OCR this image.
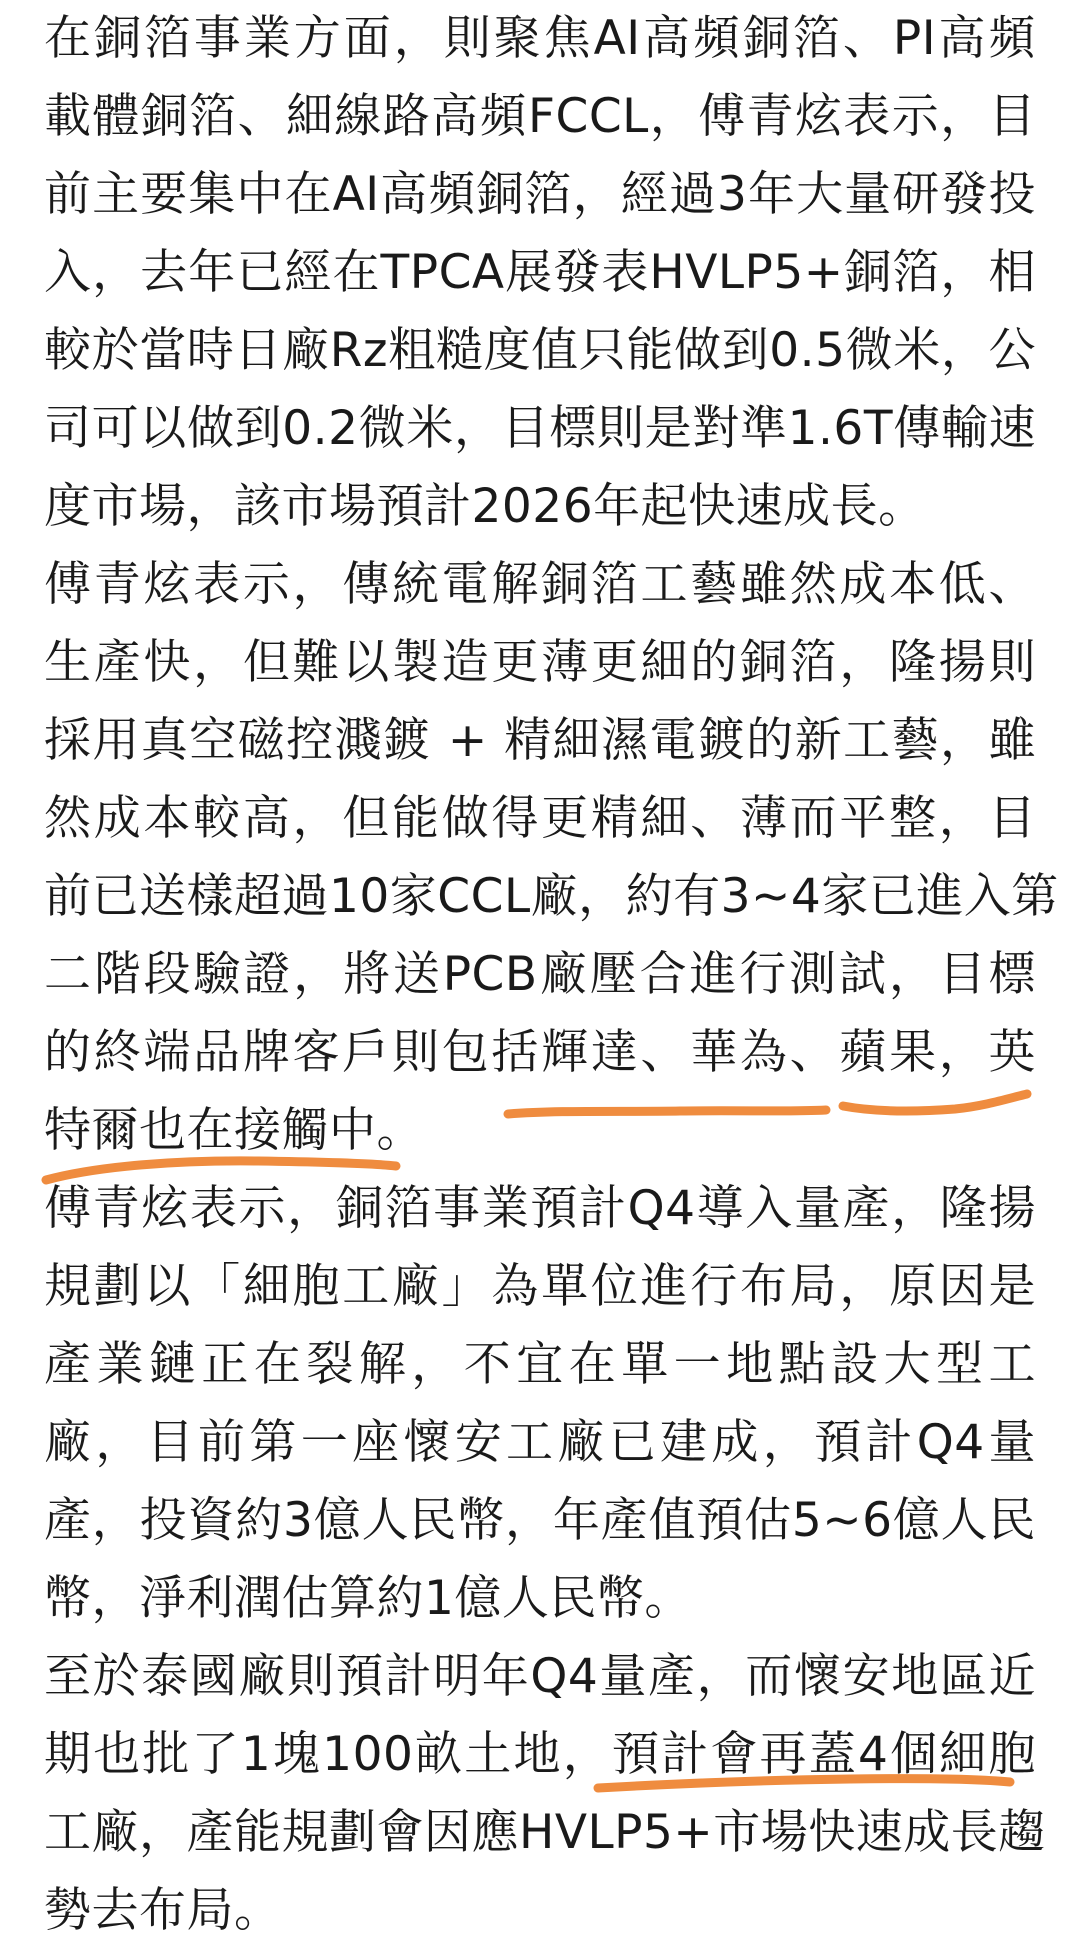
在銅箔事業方面，則聚焦AI高頻銅箔、PI高頻
載體銅箔、細線路高頻FCCL，傅青炫表示，目
前主要集中在AI高頻銅箔，經過3年大量研發投
入，去年已經在TPCA展發表HVLP5+銅箔，相
較於當時日廠Rz粗糙度值只能做到0.5微米，公
司可以做到0.2微米，目標則是對準1.6T傳輸速
度市場，該市場預計2026年起快速成長。
傅青炫表示，傳統電解銅箔工藝雖然成本低、
生產快，但難以製造更薄更細的銅箔，隆揚則
採用真空磁控濺鍍 + 精細濕電鍍的新工藝，雖
然成本較高，但能做得更精細、薄而平整，目
前已送樣超過10家CCL廠，約有3~4家已進入第
二階段驗證，將送PCB廠壓合進行測試，目標
的終端品牌客戶則包括輝達、華為、蘋果，英
特爾也在接觸中。
傅青炫表示，銅箔事業預計Q4導入量產，隆揚
規劃以「細胞工廠」為單位進行布局，原因是
產業鏈正在裂解，不宜在單一地點設大型工
廠，目前第一座懷安工廠已建成，預計Q4量
產，投資約3億人民幣，年產值預估5~6億人民
幣，淨利潤估算約1億人民幣。
至於泰國廠則預計明年Q4量產，而懷安地區近
期也批了1塊100畝土地，預計會再蓋4個細胞
工廠，產能規劃會因應HVLP5+市場快速成長趨
勢去布局。
